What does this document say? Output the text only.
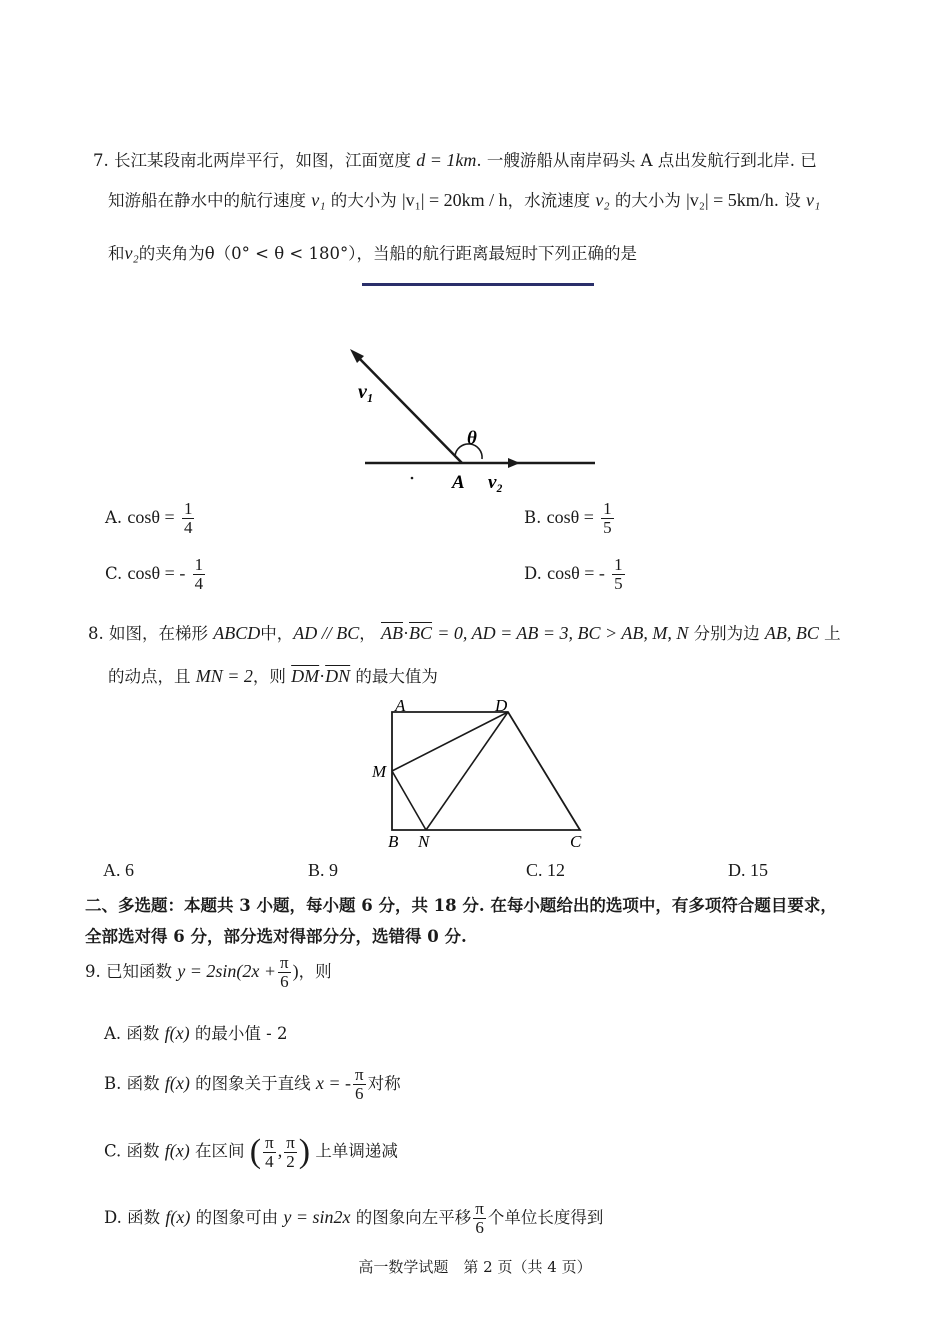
7. 长江某段南北两岸平行，如图，江面宽度 d = 1km. 一艘游船从南岸码头 A 点出发航行到北岸. 已
知游船在静水中的航行速度 v₁ 的大小为 |v₁| = 20km / h，水流速度 v₂ 的大小为 |v₂| = 5km/h. 设 v₁
和v₂的夹角为θ（0° < θ < 180°），当船的航行距离最短时下列正确的是
v₁
θ
A v₂
A. $\cos\theta = \frac{1}{4}$	B. $\cos\theta = \frac{1}{5}$
C. cosθ = - $\frac{1}{4}$	D. cosθ = - $\frac{1}{5}$
8. 如图，在梯形 ABCD中，AD // BC， $\overline{AB}\cdot\overline{BC} = 0$, AD = AB = 3, BC > AB, M, N 分别为边 AB, BC 上
的动点，且 MN = 2，则 $\overline{DM}\cdot\overline{DN}$ 的最大值为
A	D
M
B N	C
A. 6	B. 9	C. 12	D. 15
二、多选题：本题共 3 小题，每小题 6 分，共 18 分. 在每小题给出的选项中，有多项符合题目要求，
全部选对得 6 分，部分选对得部分分，选错得 0 分.
9. 已知函数 $y = 2\sin(2x + \frac{\pi}{6}$ )，则
A. 函数 f(x) 的最小值 - 2
B. 函数 f(x) 的图象关于直线 x = - $\frac{\pi}{6}$ 对称
C. 函数 f(x) 在区间 ( $\frac{\pi}{4}$ , $\frac{\pi}{2}$ ) 上单调递减
D. 函数 f(x) 的图象可由 y = sin2x 的图象向左平移 $\frac{\pi}{6}$ 个单位长度得到
高一数学试题　第 2 页（共 4 页）
